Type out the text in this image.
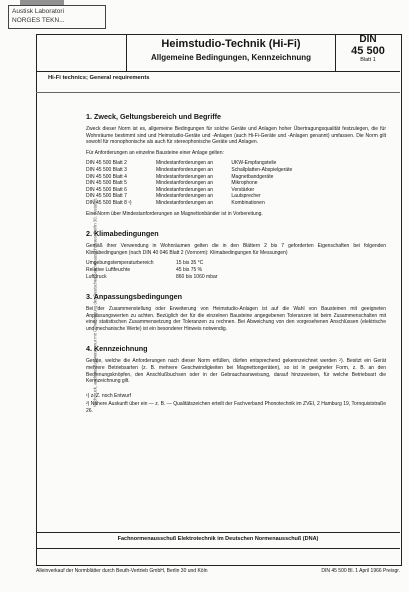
Austisk Laboratori
NORGES TEKN...
Heimstudio-Technik (Hi-Fi)
Allgemeine Bedingungen, Kennzeichnung
DIN
45 500
Blatt 1
Hi-Fi technics; General requirements
Nachdruck, auch auszugsweise, nur mit Genehmigung des Deutschen Normenausschusses, Berlin 30, gestattet.
1. Zweck, Geltungsbereich und Begriffe
Zweck dieser Norm ist es, allgemeine Bedingungen für solche Geräte und Anlagen hoher Übertragungsqualität festzulegen, die für Wohnräume bestimmt sind und Heimstudio-Geräte und -Anlagen (auch Hi-Fi-Geräte und -Anlagen genannt) umfassen. Die Norm gilt sowohl für monophonische als auch für stereophonische Geräte und Anlagen.
Für Anforderungen an einzelne Bausteine einer Anlage gelten:
DIN 45 500 Blatt 2	Mindestanforderungen an	UKW-Empfangsteile
DIN 45 500 Blatt 3	Mindestanforderungen an	Schallplatten-Abspielgeräte
DIN 45 500 Blatt 4	Mindestanforderungen an	Magnetbandgeräte
DIN 45 500 Blatt 5	Mindestanforderungen an	Mikrophone
DIN 45 500 Blatt 6	Mindestanforderungen an	Verstärker
DIN 45 500 Blatt 7	Mindestanforderungen an	Lautsprecher
DIN 45 500 Blatt 8 ¹)	Mindestanforderungen an	Kombinationen
Eine Norm über Mindestanforderungen an Magnettonbänder ist in Vorbereitung.
2. Klimabedingungen
Gemäß ihrer Verwendung in Wohnräumen gelten die in den Blättern 2 bis 7 geforderten Eigenschaften bei folgenden Klimabedingungen (nach DIN 40 046 Blatt 2 (Vornorm): Klimabedingungen für Messungen)
Umgebungstemperaturbereich	15 bis 35 °C
Relative Luftfeuchte	45 bis 75 %
Luftdruck	860 bis 1060 mbar
3. Anpassungsbedingungen
Bei der Zusammenstellung oder Erweiterung von Heimstudio-Anlagen ist auf die Wahl von Bausteinen mit geeigneten Anpassungswerten zu achten. Bezüglich der für die einzelnen Bausteine angegebenen Toleranzen ist beim Zusammenschalten mit einer statistischen Zusammensetzung der Toleranzen zu rechnen. Bei Abweichung von den vorgesehenen Anschlüssen (elektrische und mechanische Werte) ist ein besonderer Hinweis notwendig.
4. Kennzeichnung
Geräte, welche die Anforderungen nach dieser Norm erfüllen, dürfen entsprechend gekennzeichnet werden ²). Besitzt ein Gerät mehrere Betriebsarten (z. B. mehrere Geschwindigkeiten bei Magnettongeräten), so ist in geeigneter Form, z. B. an den Bedienungsknöpfen, den Anschlußbuchsen oder in der Gebrauchsanweisung, darauf hinzuweisen, für welche Betriebsart die Kennzeichnung gilt.
¹) z. Z. noch Entwurf
²) Nähere Auskunft über ein — z. B. — Qualitätszeichen erteilt der Fachverband Phonotechnik im ZVEI, 2 Hamburg 19, Tornquiststraße 26.
Fachnormenausschuß Elektrotechnik im Deutschen Normenausschuß (DNA)
Alleinverkauf der Normblätter durch Beuth-Vertrieb GmbH, Berlin 30 und Köln	DIN 45 500 Bl. 1 April 1966 Preisgr.
